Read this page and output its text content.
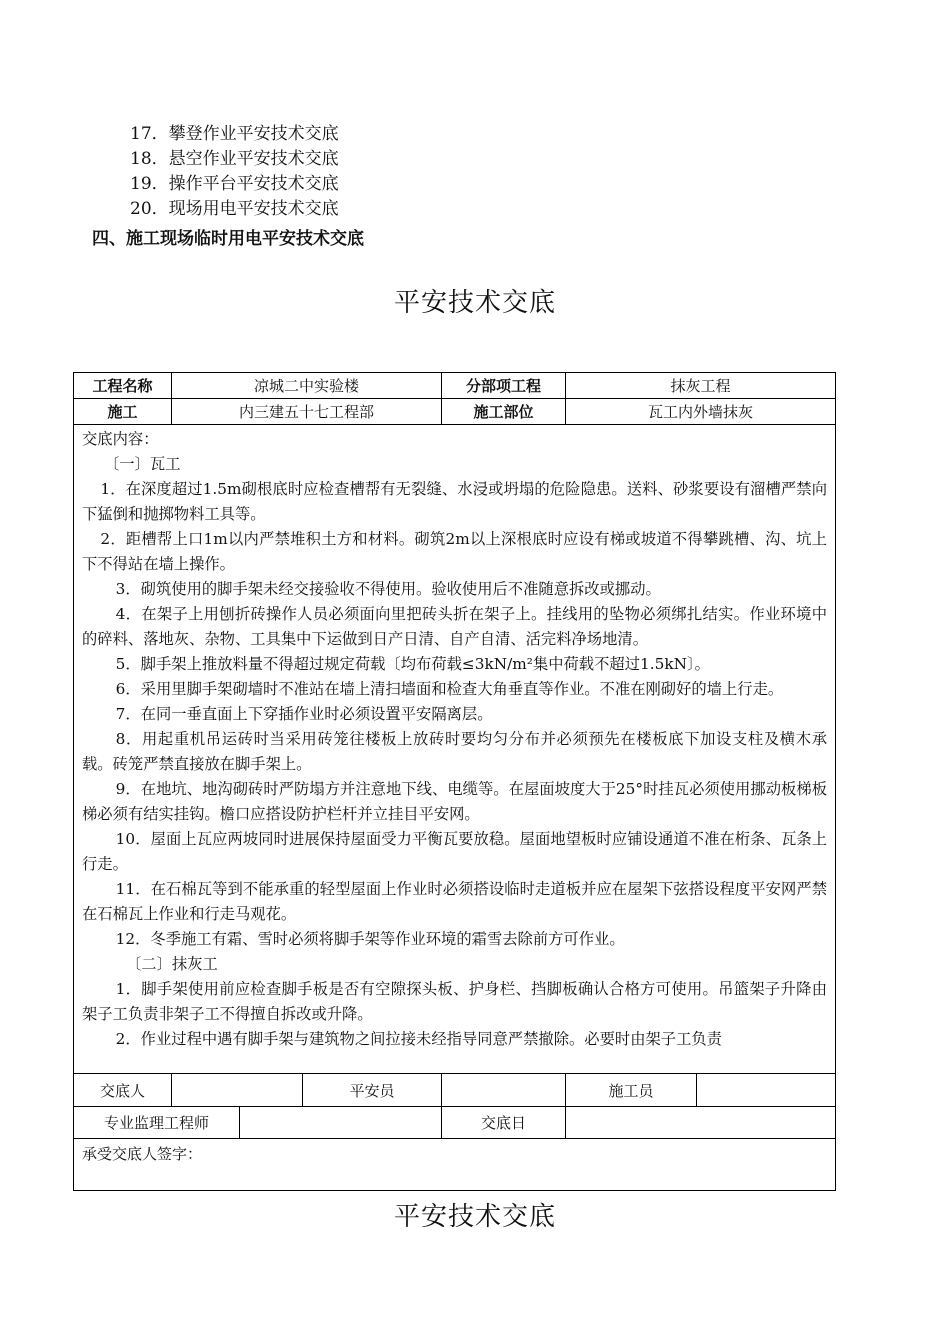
17．攀登作业平安技术交底
18．悬空作业平安技术交底
19．操作平台平安技术交底
20．现场用电平安技术交底
四、施工现场临时用电平安技术交底
平安技术交底
工程名称	凉城二中实验楼	分部项工程	抹灰工程
施工	内三建五十七工程部	施工部位	瓦工内外墙抹灰

交底内容：

〔一〕瓦工

1．在深度超过1.5m砌根底时应检查槽帮有无裂缝、水浸或坍塌的危险隐患。送料、砂浆要设有溜槽严禁向下猛倒和抛掷物料工具等。

2．距槽帮上口1m以内严禁堆积土方和材料。砌筑2m以上深根底时应设有梯或坡道不得攀跳槽、沟、坑上下不得站在墙上操作。

3．砌筑使用的脚手架未经交接验收不得使用。验收使用后不准随意拆改或挪动。

4．在架子上用刨折砖操作人员必须面向里把砖头折在架子上。挂线用的坠物必须绑扎结实。作业环境中的碎料、落地灰、杂物、工具集中下运做到日产日清、自产自清、活完料净场地清。

5．脚手架上推放料量不得超过规定荷载〔均布荷载≤3kN/m²集中荷载不超过1.5kN〕。

6．采用里脚手架砌墙时不准站在墙上清扫墙面和检查大角垂直等作业。不准在刚砌好的墙上行走。

7．在同一垂直面上下穿插作业时必须设置平安隔离层。

8．用起重机吊运砖时当采用砖笼往楼板上放砖时要均匀分布并必须预先在楼板底下加设支柱及横木承载。砖笼严禁直接放在脚手架上。

9．在地坑、地沟砌砖时严防塌方并注意地下线、电缆等。在屋面坡度大于25°时挂瓦必须使用挪动板梯板梯必须有结实挂钩。檐口应搭设防护栏杆并立挂目平安网。

10．屋面上瓦应两坡同时进展保持屋面受力平衡瓦要放稳。屋面地望板时应铺设通道不准在桁条、瓦条上行走。

11．在石棉瓦等到不能承重的轻型屋面上作业时必须搭设临时走道板并应在屋架下弦搭设程度平安网严禁在石棉瓦上作业和行走马观花。

12．冬季施工有霜、雪时必须将脚手架等作业环境的霜雪去除前方可作业。

〔二〕抹灰工

1．脚手架使用前应检查脚手板是否有空隙探头板、护身栏、挡脚板确认合格方可使用。吊篮架子升降由架子工负责非架子工不得擅自拆改或升降。

2．作业过程中遇有脚手架与建筑物之间拉接未经指导同意严禁撤除。必要时由架子工负责

交底人	平安员	施工员
专业监理工程师	交底日
承受交底人签字：
平安技术交底
